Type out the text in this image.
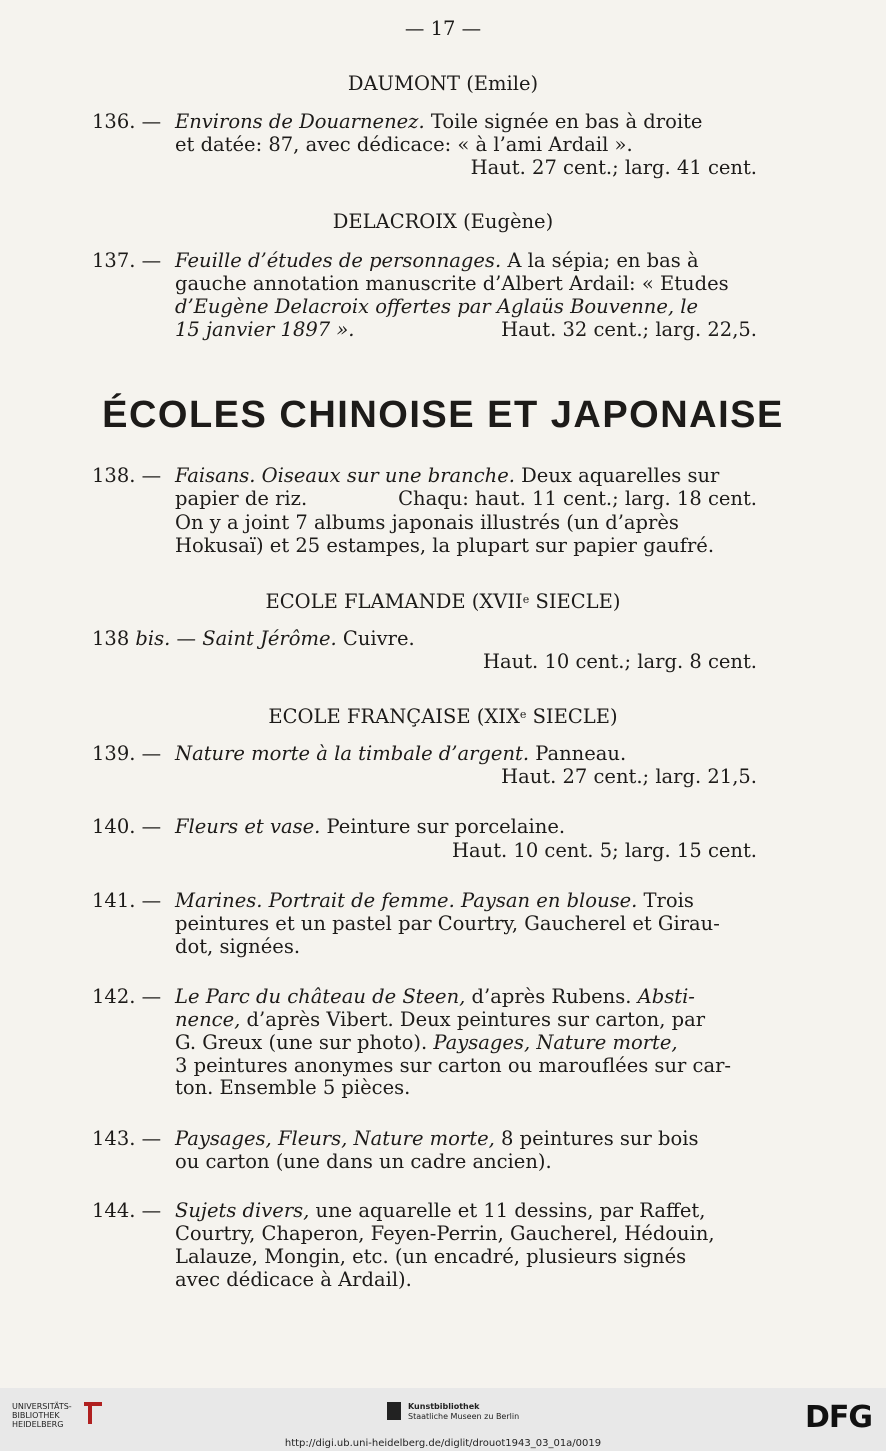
— 17 —
DAUMONT (Emile)
136. — Environs de Douarnenez. Toile signée en bas à droite
et datée: 87, avec dédicace: « à l’ami Ardail ».
Haut. 27 cent.; larg. 41 cent.
DELACROIX (Eugène)
137. — Feuille d’études de personnages. A la sépia; en bas à
gauche annotation manuscrite d’Albert Ardail: « Etudes
d’Eugène Delacroix offertes par Aglaüs Bouvenne, le
15 janvier 1897 ».	Haut. 32 cent.; larg. 22,5.
ÉCOLES CHINOISE ET JAPONAISE
138. — Faisans. Oiseaux sur une branche. Deux aquarelles sur
papier de riz.	Chaqu: haut. 11 cent.; larg. 18 cent.
On y a joint 7 albums japonais illustrés (un d’après
Hokusaï) et 25 estampes, la plupart sur papier gaufré.
ECOLE FLAMANDE (XVIIe SIECLE)
138 bis. — Saint Jérôme. Cuivre.
Haut. 10 cent.; larg. 8 cent.
ECOLE FRANÇAISE (XIXe SIECLE)
139. — Nature morte à la timbale d’argent. Panneau.
Haut. 27 cent.; larg. 21,5.
140. — Fleurs et vase. Peinture sur porcelaine.
Haut. 10 cent. 5; larg. 15 cent.
141. — Marines. Portrait de femme. Paysan en blouse. Trois
peintures et un pastel par Courtry, Gaucherel et Girau-
dot, signées.
142. — Le Parc du château de Steen, d’après Rubens. Absti-
nence, d’après Vibert. Deux peintures sur carton, par
G. Greux (une sur photo). Paysages, Nature morte,
3 peintures anonymes sur carton ou marouflées sur car-
ton. Ensemble 5 pièces.
143. — Paysages, Fleurs, Nature morte, 8 peintures sur bois
ou carton (une dans un cadre ancien).
144. — Sujets divers, une aquarelle et 11 dessins, par Raffet,
Courtry, Chaperon, Feyen-Perrin, Gaucherel, Hédouin,
Lalauze, Mongin, etc. (un encadré, plusieurs signés
avec dédicace à Ardail).
UNIVERSITÄTS-
BIBLIOTHEK
HEIDELBERG
Kunstbibliothek
Staatliche Museen zu Berlin	DFG
http://digi.ub.uni-heidelberg.de/diglit/drouot1943_03_01a/0019
